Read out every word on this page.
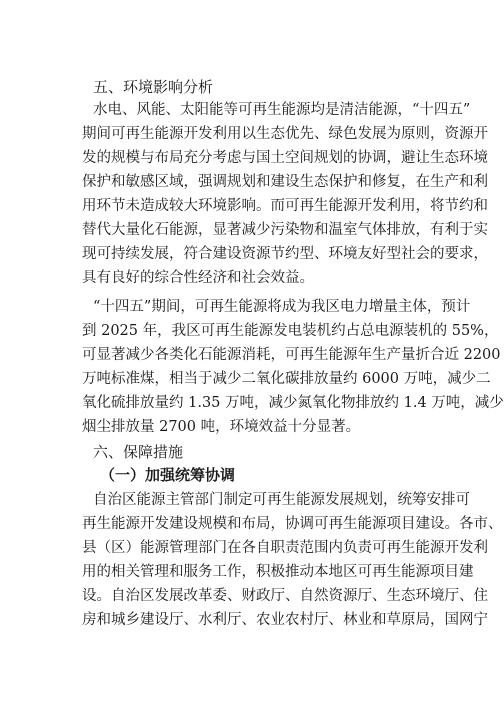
五、环境影响分析
水电、风能、太阳能等可再生能源均是清洁能源，“十四五”
期间可再生能源开发利用以生态优先、绿色发展为原则，资源开
发的规模与布局充分考虑与国土空间规划的协调，避让生态环境
保护和敏感区域，强调规划和建设生态保护和修复，在生产和利
用环节未造成较大环境影响。而可再生能源开发利用，将节约和
替代大量化石能源，显著减少污染物和温室气体排放，有利于实
现可持续发展，符合建设资源节约型、环境友好型社会的要求，
具有良好的综合性经济和社会效益。
“十四五”期间，可再生能源将成为我区电力增量主体，预计
到 2025 年，我区可再生能源发电装机约占总电源装机的 55%，
可显著减少各类化石能源消耗，可再生能源年生产量折合近 2200
万吨标准煤，相当于减少二氧化碳排放量约 6000 万吨，减少二
氧化硫排放量约 1.35 万吨，减少氮氧化物排放约 1.4 万吨，减少
烟尘排放量 2700 吨，环境效益十分显著。
六、保障措施
（一）加强统筹协调
自治区能源主管部门制定可再生能源发展规划，统筹安排可
再生能源开发建设规模和布局，协调可再生能源项目建设。各市、
县（区）能源管理部门在各自职责范围内负责可再生能源开发利
用的相关管理和服务工作，积极推动本地区可再生能源项目建
设。自治区发展改革委、财政厅、自然资源厅、生态环境厅、住
房和城乡建设厅、水利厅、农业农村厅、林业和草原局，国网宁
